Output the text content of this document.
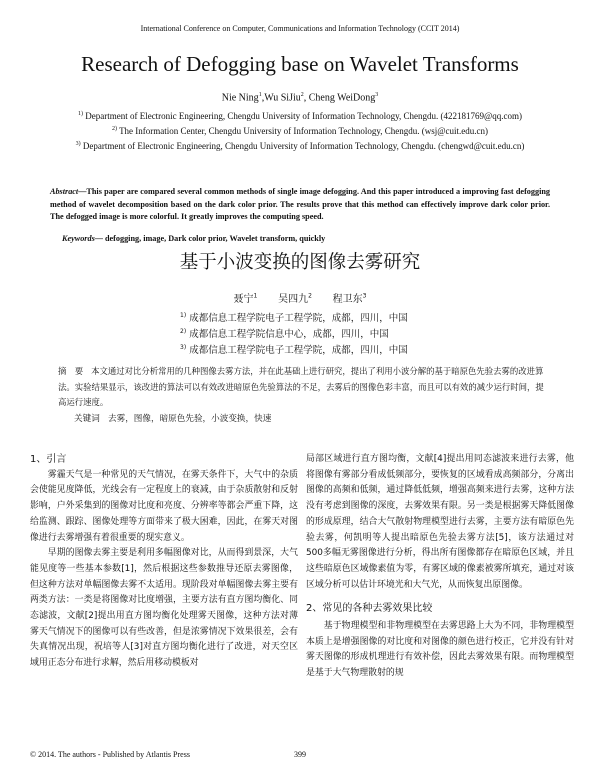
International Conference on Computer, Communications and Information Technology (CCIT 2014)
Research of Defogging base on Wavelet Transforms
Nie Ning$^1$,Wu SiJiu$^2$, Cheng WeiDong$^3$
$^{1)}$ Department of Electronic Engineering, Chengdu University of Information Technology, Chengdu. (422181769@qq.com)
$^{2)}$ The Information Center, Chengdu University of Information Technology, Chengdu. (wsj@cuit.edu.cn)
$^{3)}$ Department of Electronic Engineering, Chengdu University of Information Technology, Chengdu. (chengwd@cuit.edu.cn)
Abstract—This paper are compared several common methods of single image defogging. And this paper introduced a improving fast defogging method of wavelet decomposition based on the dark color prior. The results prove that this method can effectively improve dark color prior. The defogged image is more colorful. It greatly improves the computing speed.
Keywords— defogging, image, Dark color prior, Wavelet transform, quickly
基于小波变换的图像去雾研究
聂宁$^1$ 吴四九$^2$ 程卫东$^3$
$^{1)}$ 成都信息工程学院电子工程学院，成都，四川，中国
$^{2)}$ 成都信息工程学院信息中心，成都，四川，中国
$^{3)}$ 成都信息工程学院电子工程学院，成都，四川，中国
摘　要 本文通过对比分析常用的几种图像去雾方法，并在此基础上进行研究，提出了利用小波分解的基于暗原色先验去雾的改进算法。实验结果显示，该改进的算法可以有效改进暗原色先验算法的不足，去雾后的图像色彩丰富，而且可以有效的减少运行时间，提高运行速度。
关键词 去雾，图像，暗原色先验，小波变换，快速
1、引言

雾霾天气是一种常见的天气情况，在雾天条件下，大气中的杂质会使能见度降低，光线会有一定程度上的衰减，由于杂质散射和反射影响，户外采集到的图像对比度和亮度、分辨率等都会严重下降，这给监测、跟踪、图像处理等方面带来了极大困难，因此，在雾天对图像进行去雾增强有着很重要的现实意义。

早期的图像去雾主要是利用多幅图像对比，从而得到景深，大气能见度等一些基本参数[1]，然后根据这些参数推导还原去雾图像，但这种方法对单幅图像去雾不太适用。现阶段对单幅图像去雾主要有两类方法：一类是将图像对比度增强，主要方法有直方图均衡化、同态滤波，文献[2]提出用直方图均衡化处理雾天图像，这种方法对薄雾天气情况下的图像可以有些改善，但是浓雾情况下效果很差，会有失真情况出现，祝培等人[3]对直方图均衡化进行了改进，对天空区域用正态分布进行求解，然后用移动模板对

局部区域进行直方图均衡，文献[4]提出用同态滤波来进行去雾，他将图像有雾部分看成低频部分，要恢复的区域看成高频部分，分离出图像的高频和低频，通过降低低频，增强高频来进行去雾，这种方法没有考虑到图像的深度，去雾效果有限。另一类是根据雾天降低图像的形成原理，结合大气散射物理模型进行去雾，主要方法有暗原色先验去雾，何凯明等人提出暗原色先验去雾方法[5]，该方法通过对500多幅无雾图像进行分析，得出所有图像都存在暗原色区域，并且这些暗原色区域像素值为零，有雾区域的像素被雾所填充，通过对该区域分析可以估计环境光和大气光，从而恢复出原图像。

2、常见的各种去雾效果比较

基于物理模型和非物理模型在去雾思路上大为不同，非物理模型本质上是增强图像的对比度和对图像的颜色进行校正，它并没有针对雾天图像的形成机理进行有效补偿，因此去雾效果有限。而物理模型是基于大气物理散射的规

© 2014. The authors - Published by Atlantis Press	399
